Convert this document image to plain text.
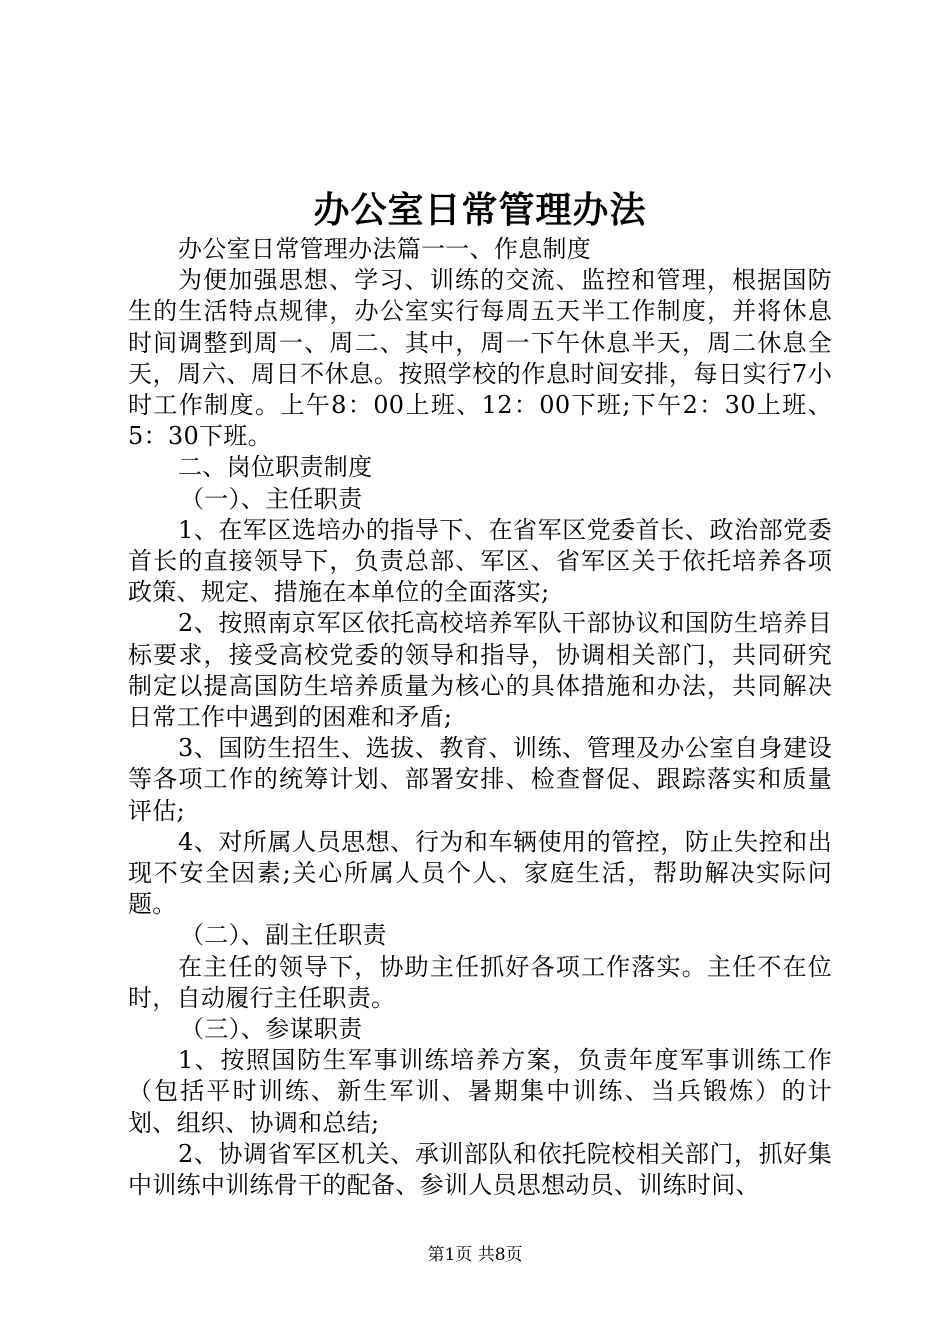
办公室日常管理办法

办公室日常管理办法篇一一、作息制度

为便加强思想、学习、训练的交流、监控和管理，根据国防生的生活特点规律，办公室实行每周五天半工作制度，并将休息时间调整到周一、周二、其中，周一下午休息半天，周二休息全天，周六、周日不休息。按照学校的作息时间安排，每日实行7小时工作制度。上午8：00上班、12：00下班;下午2：30上班、5：30下班。

二、岗位职责制度

（一）、主任职责

1、在军区选培办的指导下、在省军区党委首长、政治部党委首长的直接领导下，负责总部、军区、省军区关于依托培养各项政策、规定、措施在本单位的全面落实;

2、按照南京军区依托高校培养军队干部协议和国防生培养目标要求，接受高校党委的领导和指导，协调相关部门，共同研究制定以提高国防生培养质量为核心的具体措施和办法，共同解决日常工作中遇到的困难和矛盾;

3、国防生招生、选拔、教育、训练、管理及办公室自身建设等各项工作的统筹计划、部署安排、检查督促、跟踪落实和质量评估;

4、对所属人员思想、行为和车辆使用的管控，防止失控和出现不安全因素;关心所属人员个人、家庭生活，帮助解决实际问题。

（二）、副主任职责

在主任的领导下，协助主任抓好各项工作落实。主任不在位时，自动履行主任职责。

（三）、参谋职责

1、按照国防生军事训练培养方案，负责年度军事训练工作（包括平时训练、新生军训、暑期集中训练、当兵锻炼）的计划、组织、协调和总结;

2、协调省军区机关、承训部队和依托院校相关部门，抓好集中训练中训练骨干的配备、参训人员思想动员、训练时间、

第1页 共8页
